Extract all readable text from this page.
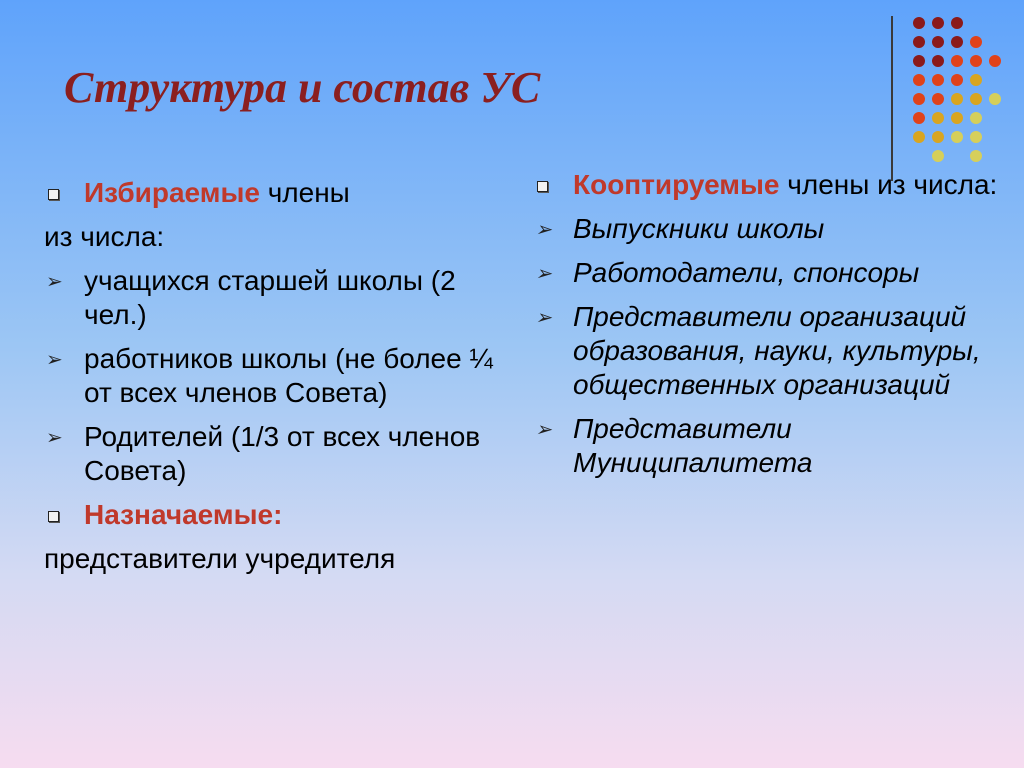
Структура и состав УС
Избираемые члены
из числа:
➢ учащихся старшей школы (2 чел.)
➢ работников школы (не более ¼ от всех членов Совета)
➢ Родителей (1/3 от всех членов Совета)
Назначаемые:
представители учредителя
Кооптируемые члены из числа:
➢ Выпускники школы
➢ Работодатели, спонсоры
➢ Представители организаций образования, науки, культуры, общественных организаций
➢ Представители Муниципалитета
